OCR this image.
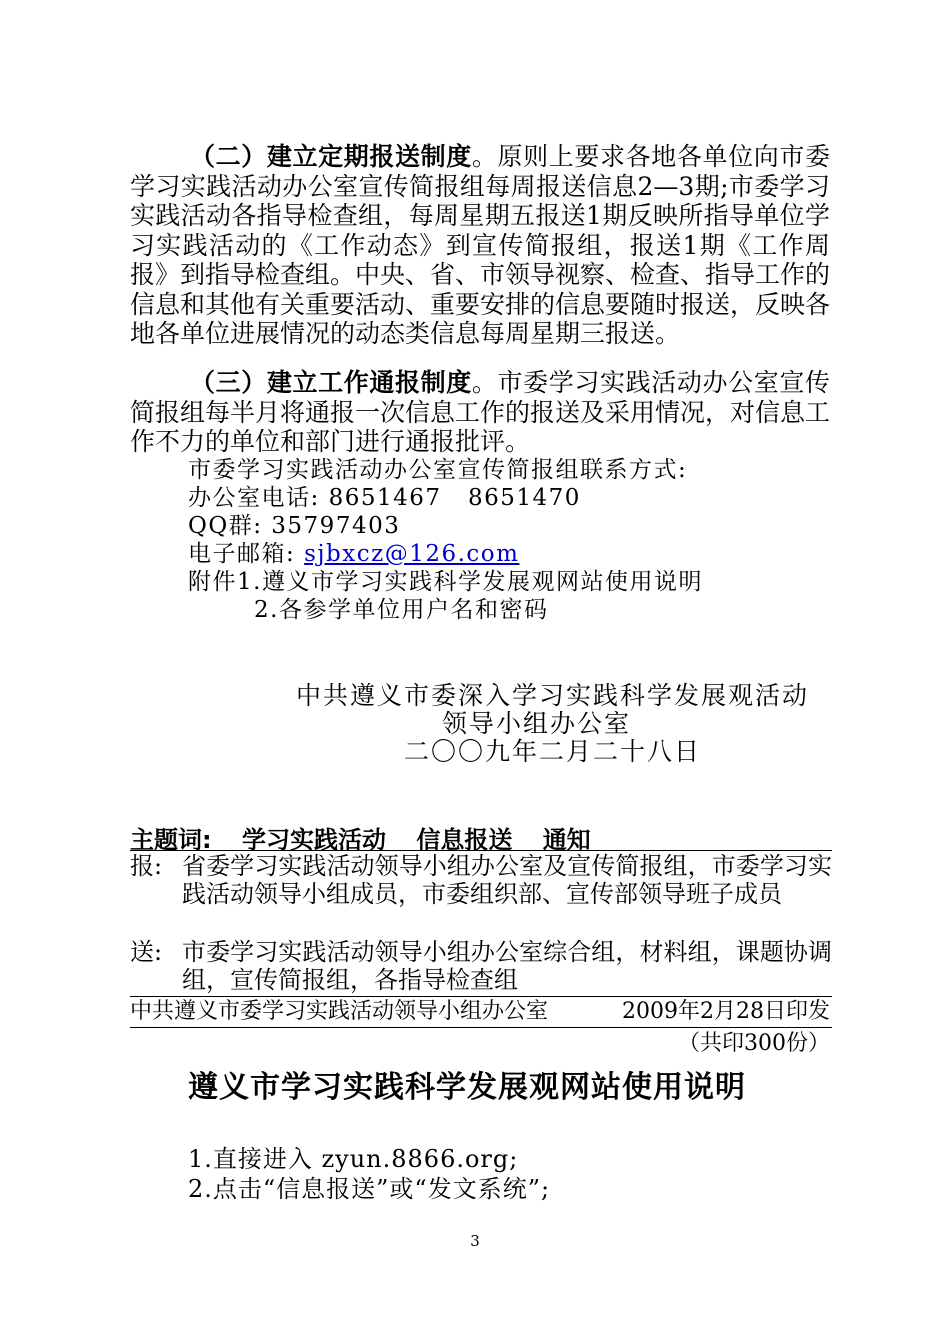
（二）建立定期报送制度。原则上要求各地各单位向市委学习实践活动办公室宣传简报组每周报送信息2—3期;市委学习实践活动各指导检查组，每周星期五报送1期反映所指导单位学习实践活动的《工作动态》到宣传简报组，报送1期《工作周报》到指导检查组。中央、省、市领导视察、检查、指导工作的信息和其他有关重要活动、重要安排的信息要随时报送，反映各地各单位进展情况的动态类信息每周星期三报送。

（三）建立工作通报制度。市委学习实践活动办公室宣传简报组每半月将通报一次信息工作的报送及采用情况，对信息工作不力的单位和部门进行通报批评。

市委学习实践活动办公室宣传简报组联系方式:
办公室电话: 8651467 8651470
QQ群: 35797403
电子邮箱: sjbxcz@126.com
附件1.遵义市学习实践科学发展观网站使用说明
2.各参学单位用户名和密码
中共遵义市委深入学习实践科学发展观活动
领导小组办公室
二〇〇九年二月二十八日
主题词: 学习实践活动 信息报送 通知
报: 省委学习实践活动领导小组办公室及宣传简报组，市委学习实践活动领导小组成员，市委组织部、宣传部领导班子成员
送: 市委学习实践活动领导小组办公室综合组，材料组，课题协调组，宣传简报组，各指导检查组
中共遵义市委学习实践活动领导小组办公室	2009年2月28日印发
（共印300份）
遵义市学习实践科学发展观网站使用说明
1.直接进入 zyun.8866.org;
2.点击“信息报送”或“发文系统”;
3
